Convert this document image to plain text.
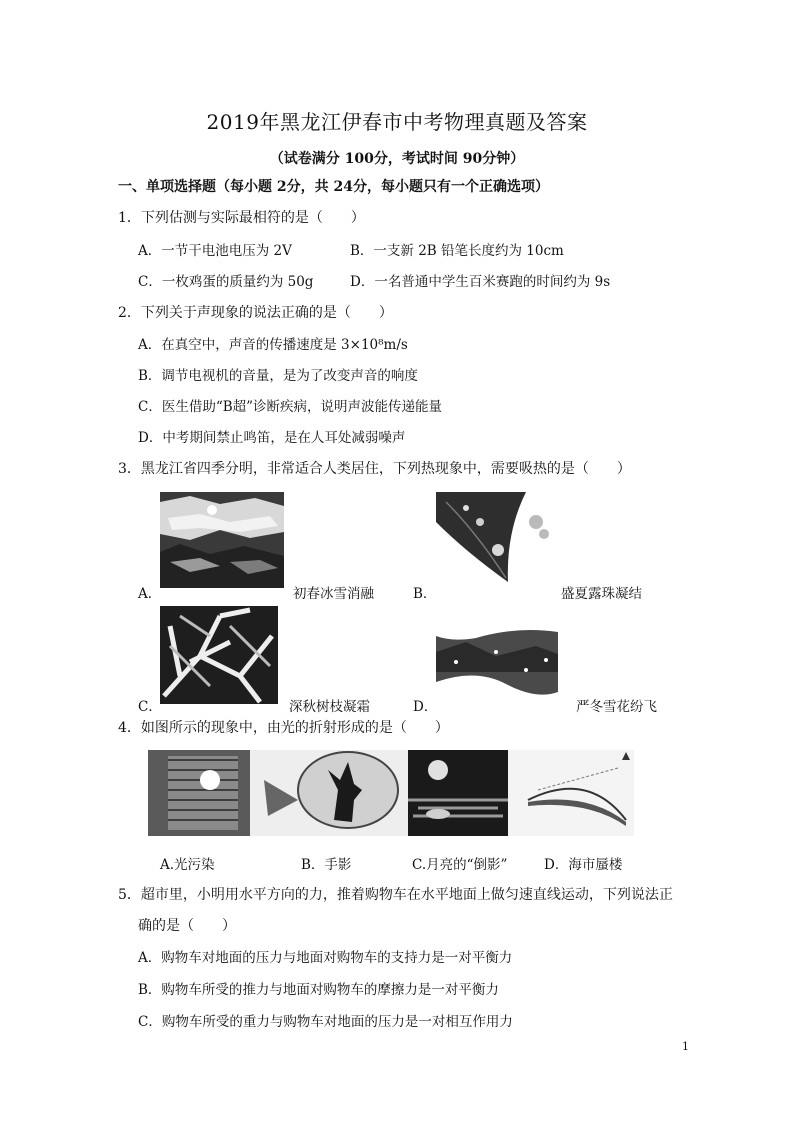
2019年黑龙江伊春市中考物理真题及答案
（试卷满分 100分，考试时间 90分钟）
一、单项选择题（每小题 2分，共 24分，每小题只有一个正确选项）
1．下列估测与实际最相符的是（　　）
A．一节干电池电压为 2V	B．一支新 2B 铅笔长度约为 10cm
C．一枚鸡蛋的质量约为 50g	D．一名普通中学生百米赛跑的时间约为 9s
2．下列关于声现象的说法正确的是（　　）
A．在真空中，声音的传播速度是 3×10⁸m/s
B．调节电视机的音量，是为了改变声音的响度
C．医生借助“B超”诊断疾病，说明声波能传递能量
D．中考期间禁止鸣笛，是在人耳处减弱噪声
3．黑龙江省四季分明，非常适合人类居住，下列热现象中，需要吸热的是（　　）
A．	初春冰雪消融	B．	盛夏露珠凝结
C．	深秋树枝凝霜	D．	严冬雪花纷飞
4．如图所示的现象中，由光的折射形成的是（　　）
A.光污染	B．手影	C.月亮的“倒影”	D．海市蜃楼
5．超市里，小明用水平方向的力，推着购物车在水平地面上做匀速直线运动，下列说法正
确的是（　　）
A．购物车对地面的压力与地面对购物车的支持力是一对平衡力
B．购物车所受的推力与地面对购物车的摩擦力是一对平衡力
C．购物车所受的重力与购物车对地面的压力是一对相互作用力
1
